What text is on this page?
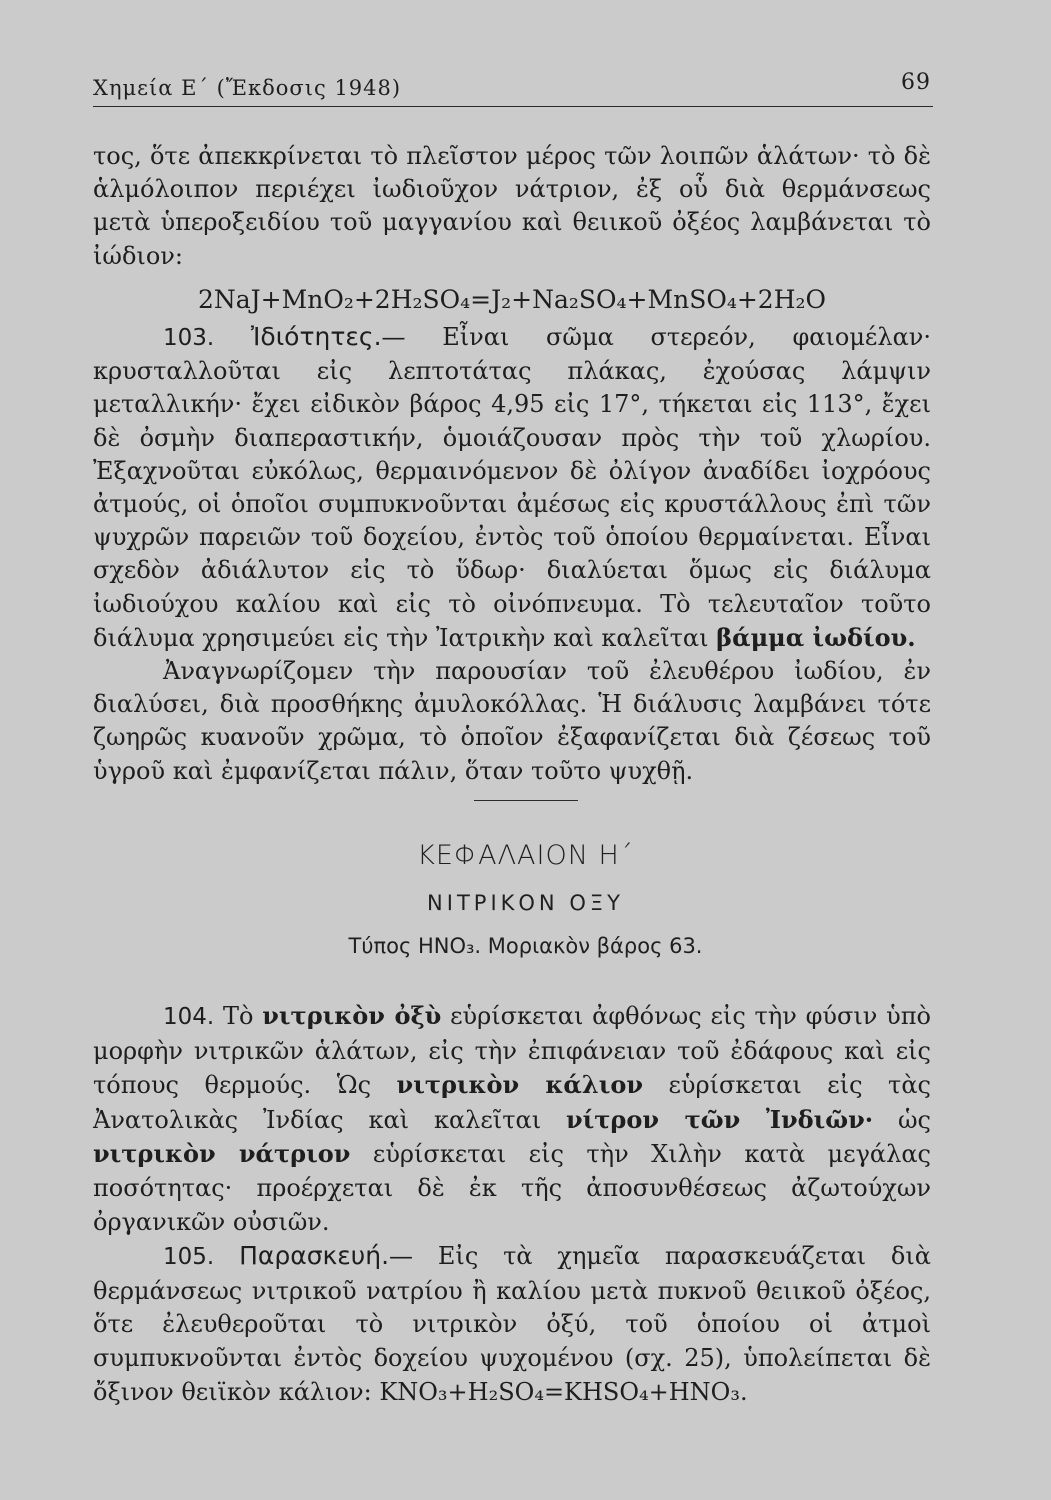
Χημεία Ε΄ (Ἔκδοσις 1948)	69

τος, ὅτε ἀπεκκρίνεται τὸ πλεῖστον μέρος τῶν λοιπῶν ἁλάτων· τὸ δὲ ἁλμόλοιπον περιέχει ἰωδιοῦχον νάτριον, ἐξ οὗ διὰ θερμάνσεως μετὰ ὑπεροξειδίου τοῦ μαγγανίου καὶ θειικοῦ ὀξέος λαμβάνεται τὸ ἰώδιον:

2NaJ+MnO₂+2H₂SO₄=J₂+Na₂SO₄+MnSO₄+2H₂O

103. Ἰδιότητες.— Εἶναι σῶμα στερεόν, φαιομέλαν· κρυσταλλοῦται εἰς λεπτοτάτας πλάκας, ἐχούσας λάμψιν μεταλλικήν· ἔχει εἰδικὸν βάρος 4,95 εἰς 17°, τήκεται εἰς 113°, ἔχει δὲ ὀσμὴν διαπεραστικήν, ὁμοιάζουσαν πρὸς τὴν τοῦ χλωρίου. Ἐξαχνοῦται εὐκόλως, θερμαινόμενον δὲ ὀλίγον ἀναδίδει ἰοχρόους ἀτμούς, οἱ ὁποῖοι συμπυκνοῦνται ἀμέσως εἰς κρυστάλλους ἐπὶ τῶν ψυχρῶν παρειῶν τοῦ δοχείου, ἐντὸς τοῦ ὁποίου θερμαίνεται. Εἶναι σχεδὸν ἀδιάλυτον εἰς τὸ ὕδωρ· διαλύεται ὅμως εἰς διάλυμα ἰωδιούχου καλίου καὶ εἰς τὸ οἰνόπνευμα. Τὸ τελευταῖον τοῦτο διάλυμα χρησιμεύει εἰς τὴν Ἰατρικὴν καὶ καλεῖται βάμμα ἰωδίου.

Ἀναγνωρίζομεν τὴν παρουσίαν τοῦ ἐλευθέρου ἰωδίου, ἐν διαλύσει, διὰ προσθήκης ἀμυλοκόλλας. Ἡ διάλυσις λαμβάνει τότε ζωηρῶς κυανοῦν χρῶμα, τὸ ὁποῖον ἐξαφανίζεται διὰ ζέσεως τοῦ ὑγροῦ καὶ ἐμφανίζεται πάλιν, ὅταν τοῦτο ψυχθῇ.

ΚΕΦΑΛΑΙΟΝ Η΄
ΝΙΤΡΙΚΟΝ ΟΞΥ
Τύπος HNO₃. Μοριακὸν βάρος 63.

104. Τὸ νιτρικὸν ὀξὺ εὑρίσκεται ἀφθόνως εἰς τὴν φύσιν ὑπὸ μορφὴν νιτρικῶν ἁλάτων, εἰς τὴν ἐπιφάνειαν τοῦ ἐδάφους καὶ εἰς τόπους θερμούς. Ὡς νιτρικὸν κάλιον εὑρίσκεται εἰς τὰς Ἀνατολικὰς Ἰνδίας καὶ καλεῖται νίτρον τῶν Ἰνδιῶν· ὡς νιτρικὸν νάτριον εὑρίσκεται εἰς τὴν Χιλὴν κατὰ μεγάλας ποσότητας· προέρχεται δὲ ἐκ τῆς ἀποσυνθέσεως ἀζωτούχων ὀργανικῶν οὐσιῶν.

105. Παρασκευή.— Εἰς τὰ χημεῖα παρασκευάζεται διὰ θερμάνσεως νιτρικοῦ νατρίου ἢ καλίου μετὰ πυκνοῦ θειικοῦ ὀξέος, ὅτε ἐλευθεροῦται τὸ νιτρικὸν ὀξύ, τοῦ ὁποίου οἱ ἀτμοὶ συμπυκνοῦνται ἐντὸς δοχείου ψυχομένου (σχ. 25), ὑπολείπεται δὲ ὄξινον θειϊκὸν κάλιον: KNO₃+H₂SO₄=KHSO₄+HNO₃.
